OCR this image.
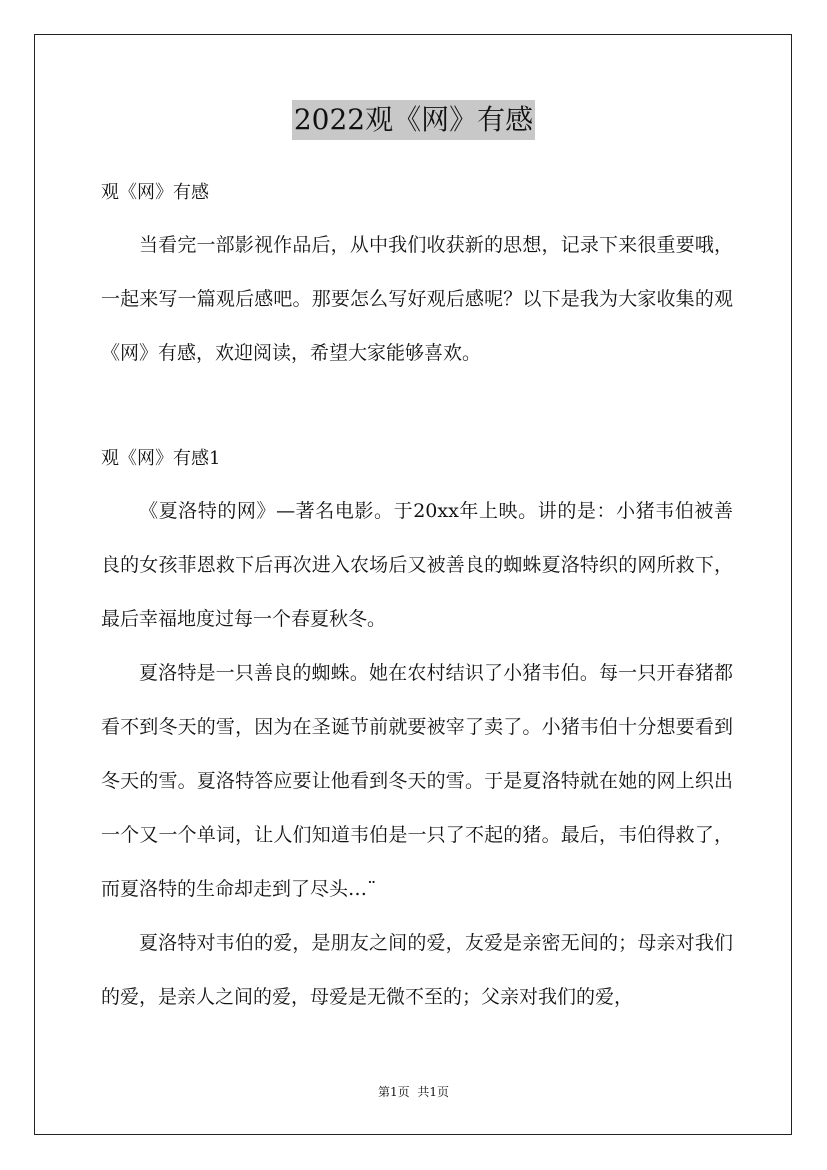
2022观《网》有感

观《网》有感

当看完一部影视作品后，从中我们收获新的思想，记录下来很重要哦，一起来写一篇观后感吧。那要怎么写好观后感呢？以下是我为大家收集的观《网》有感，欢迎阅读，希望大家能够喜欢。

观《网》有感1

《夏洛特的网》—著名电影。于20xx年上映。讲的是：小猪韦伯被善良的女孩菲恩救下后再次进入农场后又被善良的蜘蛛夏洛特织的网所救下，最后幸福地度过每一个春夏秋冬。

夏洛特是一只善良的蜘蛛。她在农村结识了小猪韦伯。每一只开春猪都看不到冬天的雪，因为在圣诞节前就要被宰了卖了。小猪韦伯十分想要看到冬天的雪。夏洛特答应要让他看到冬天的雪。于是夏洛特就在她的网上织出一个又一个单词，让人们知道韦伯是一只了不起的猪。最后，韦伯得救了，而夏洛特的生命却走到了尽头…¨

夏洛特对韦伯的爱，是朋友之间的爱，友爱是亲密无间的；母亲对我们的爱，是亲人之间的爱，母爱是无微不至的；父亲对我们的爱，

第1页 共1页
